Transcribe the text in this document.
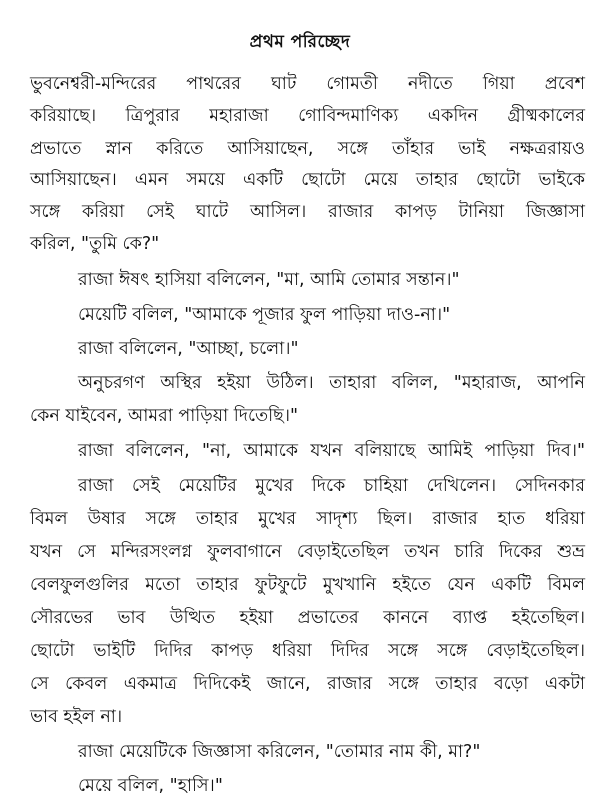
প্রথম পরিচ্ছেদ
ভুবনেশ্বরী-মন্দিরের পাথরের ঘাট গোমতী নদীতে গিয়া প্রবেশ
করিয়াছে। ত্রিপুরার মহারাজা গোবিন্দমাণিক্য একদিন গ্রীষ্মকালের
প্রভাতে স্নান করিতে আসিয়াছেন, সঙ্গে তাঁহার ভাই নক্ষত্ররায়ও
আসিয়াছেন। এমন সময়ে একটি ছোটো মেয়ে তাহার ছোটো ভাইকে
সঙ্গে করিয়া সেই ঘাটে আসিল। রাজার কাপড় টানিয়া জিজ্ঞাসা
করিল, "তুমি কে?"
রাজা ঈষৎ হাসিয়া বলিলেন, "মা, আমি তোমার সন্তান।"
মেয়েটি বলিল, "আমাকে পূজার ফুল পাড়িয়া দাও-না।"
রাজা বলিলেন, "আচ্ছা, চলো।"
অনুচরগণ অস্থির হইয়া উঠিল। তাহারা বলিল, "মহারাজ, আপনি
কেন যাইবেন, আমরা পাড়িয়া দিতেছি।"
রাজা বলিলেন, "না, আমাকে যখন বলিয়াছে আমিই পাড়িয়া দিব।"
রাজা সেই মেয়েটির মুখের দিকে চাহিয়া দেখিলেন। সেদিনকার
বিমল উষার সঙ্গে তাহার মুখের সাদৃশ্য ছিল। রাজার হাত ধরিয়া
যখন সে মন্দিরসংলগ্ন ফুলবাগানে বেড়াইতেছিল তখন চারি দিকের শুভ্র
বেলফুলগুলির মতো তাহার ফুটফুটে মুখখানি হইতে যেন একটি বিমল
সৌরভের ভাব উত্থিত হইয়া প্রভাতের কাননে ব্যাপ্ত হইতেছিল।
ছোটো ভাইটি দিদির কাপড় ধরিয়া দিদির সঙ্গে সঙ্গে বেড়াইতেছিল।
সে কেবল একমাত্র দিদিকেই জানে, রাজার সঙ্গে তাহার বড়ো একটা
ভাব হইল না।
রাজা মেয়েটিকে জিজ্ঞাসা করিলেন, "তোমার নাম কী, মা?"
মেয়ে বলিল, "হাসি।"
